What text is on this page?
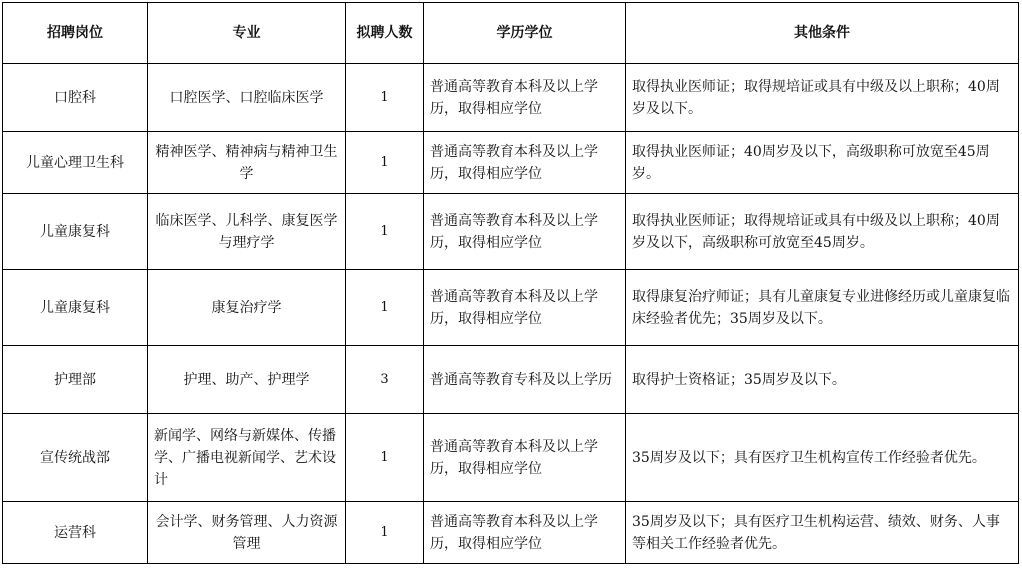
招聘岗位	专业	拟聘人数	学历学位	其他条件
口腔科	口腔医学、口腔临床医学	1	普通高等教育本科及以上学历，取得相应学位	取得执业医师证；取得规培证或具有中级及以上职称；40周岁及以下。
儿童心理卫生科	精神医学、精神病与精神卫生学	1	普通高等教育本科及以上学历，取得相应学位	取得执业医师证；40周岁及以下，高级职称可放宽至45周岁。
儿童康复科	临床医学、儿科学、康复医学与理疗学	1	普通高等教育本科及以上学历，取得相应学位	取得执业医师证；取得规培证或具有中级及以上职称；40周岁及以下，高级职称可放宽至45周岁。
儿童康复科	康复治疗学	1	普通高等教育本科及以上学历，取得相应学位	取得康复治疗师证；具有儿童康复专业进修经历或儿童康复临床经验者优先；35周岁及以下。
护理部	护理、助产、护理学	3	普通高等教育专科及以上学历	取得护士资格证；35周岁及以下。
宣传统战部	新闻学、网络与新媒体、传播学、广播电视新闻学、艺术设计	1	普通高等教育本科及以上学历，取得相应学位	35周岁及以下；具有医疗卫生机构宣传工作经验者优先。
运营科	会计学、财务管理、人力资源管理	1	普通高等教育本科及以上学历，取得相应学位	35周岁及以下；具有医疗卫生机构运营、绩效、财务、人事等相关工作经验者优先。
